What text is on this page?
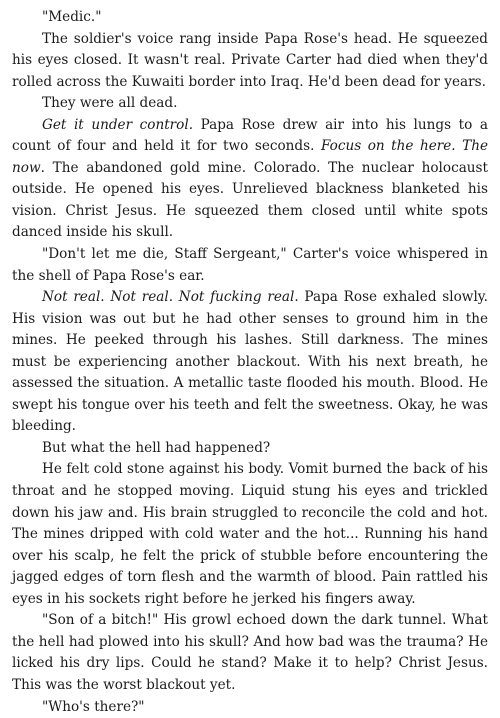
"Medic."

The soldier's voice rang inside Papa Rose's head. He squeezed his eyes closed. It wasn't real. Private Carter had died when they'd rolled across the Kuwaiti border into Iraq. He'd been dead for years.

They were all dead.

Get it under control. Papa Rose drew air into his lungs to a count of four and held it for two seconds. Focus on the here. The now. The abandoned gold mine. Colorado. The nuclear holocaust outside. He opened his eyes. Unrelieved blackness blanketed his vision. Christ Jesus. He squeezed them closed until white spots danced inside his skull.

"Don't let me die, Staff Sergeant," Carter's voice whispered in the shell of Papa Rose's ear.

Not real. Not real. Not fucking real. Papa Rose exhaled slowly. His vision was out but he had other senses to ground him in the mines. He peeked through his lashes. Still darkness. The mines must be experiencing another blackout. With his next breath, he assessed the situation. A metallic taste flooded his mouth. Blood. He swept his tongue over his teeth and felt the sweetness. Okay, he was bleeding.

But what the hell had happened?

He felt cold stone against his body. Vomit burned the back of his throat and he stopped moving. Liquid stung his eyes and trickled down his jaw and. His brain struggled to reconcile the cold and hot. The mines dripped with cold water and the hot... Running his hand over his scalp, he felt the prick of stubble before encountering the jagged edges of torn flesh and the warmth of blood. Pain rattled his eyes in his sockets right before he jerked his fingers away.

"Son of a bitch!" His growl echoed down the dark tunnel. What the hell had plowed into his skull? And how bad was the trauma? He licked his dry lips. Could he stand? Make it to help? Christ Jesus. This was the worst blackout yet.

"Who's there?"
